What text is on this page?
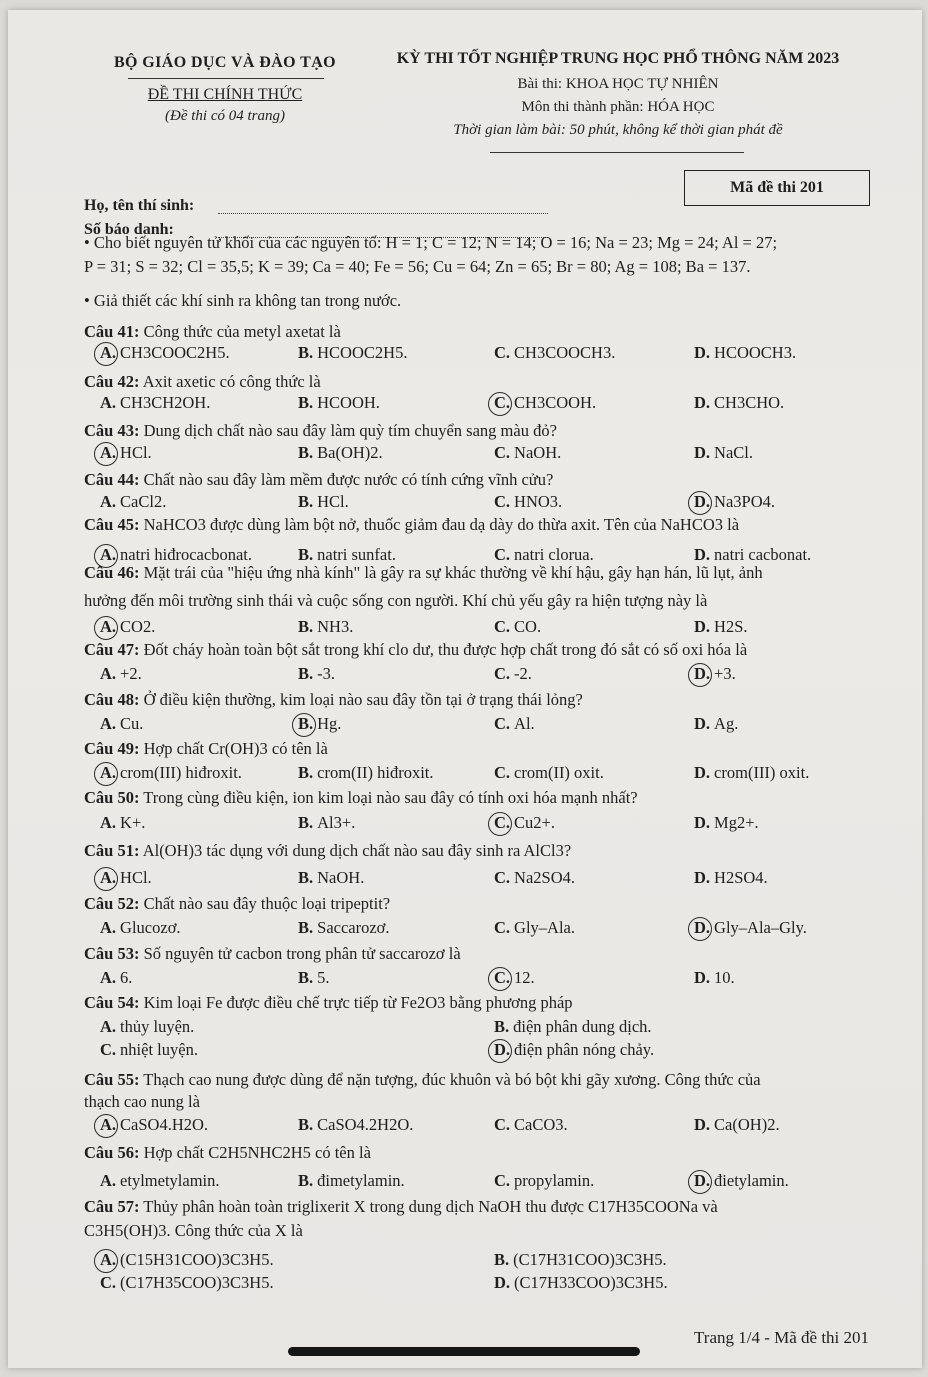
BỘ GIÁO DỤC VÀ ĐÀO TẠO
ĐỀ THI CHÍNH THỨC
(Đề thi có 04 trang)
KỲ THI TỐT NGHIỆP TRUNG HỌC PHỔ THÔNG NĂM 2023
Bài thi: KHOA HỌC TỰ NHIÊN
Môn thi thành phần: HÓA HỌC
Thời gian làm bài: 50 phút, không kể thời gian phát đề
Mã đề thi 201
Họ, tên thí sinh:
Số báo danh:
• Cho biết nguyên tử khối của các nguyên tố: H = 1; C = 12; N = 14; O = 16; Na = 23; Mg = 24; Al = 27;
P = 31; S = 32; Cl = 35,5; K = 39; Ca = 40; Fe = 56; Cu = 64; Zn = 65; Br = 80; Ag = 108; Ba = 137.
• Giả thiết các khí sinh ra không tan trong nước.
Câu 41: Công thức của metyl axetat là
A. CH3COOC2H5.	B. HCOOC2H5.	C. CH3COOCH3.	D. HCOOCH3.
Câu 42: Axit axetic có công thức là
A. CH3CH2OH.	B. HCOOH.	C. CH3COOH.	D. CH3CHO.
Câu 43: Dung dịch chất nào sau đây làm quỳ tím chuyển sang màu đỏ?
A. HCl.	B. Ba(OH)2.	C. NaOH.	D. NaCl.
Câu 44: Chất nào sau đây làm mềm được nước có tính cứng vĩnh cửu?
A. CaCl2.	B. HCl.	C. HNO3.	D. Na3PO4.
Câu 45: NaHCO3 được dùng làm bột nở, thuốc giảm đau dạ dày do thừa axit. Tên của NaHCO3 là
A. natri hiđrocacbonat.	B. natri sunfat.	C. natri clorua.	D. natri cacbonat.
Câu 46: Mặt trái của "hiệu ứng nhà kính" là gây ra sự khác thường về khí hậu, gây hạn hán, lũ lụt, ảnh
hưởng đến môi trường sinh thái và cuộc sống con người. Khí chủ yếu gây ra hiện tượng này là
A. CO2.	B. NH3.	C. CO.	D. H2S.
Câu 47: Đốt cháy hoàn toàn bột sắt trong khí clo dư, thu được hợp chất trong đó sắt có số oxi hóa là
A. +2.	B. -3.	C. -2.	D. +3.
Câu 48: Ở điều kiện thường, kim loại nào sau đây tồn tại ở trạng thái lỏng?
A. Cu.	B. Hg.	C. Al.	D. Ag.
Câu 49: Hợp chất Cr(OH)3 có tên là
A. crom(III) hiđroxit.	B. crom(II) hiđroxit.	C. crom(II) oxit.	D. crom(III) oxit.
Câu 50: Trong cùng điều kiện, ion kim loại nào sau đây có tính oxi hóa mạnh nhất?
A. K+.	B. Al3+.	C. Cu2+.	D. Mg2+.
Câu 51: Al(OH)3 tác dụng với dung dịch chất nào sau đây sinh ra AlCl3?
A. HCl.	B. NaOH.	C. Na2SO4.	D. H2SO4.
Câu 52: Chất nào sau đây thuộc loại tripeptit?
A. Glucozơ.	B. Saccarozơ.	C. Gly–Ala.	D. Gly–Ala–Gly.
Câu 53: Số nguyên tử cacbon trong phân tử saccarozơ là
A. 6.	B. 5.	C. 12.	D. 10.
Câu 54: Kim loại Fe được điều chế trực tiếp từ Fe2O3 bằng phương pháp
A. thủy luyện.	B. điện phân dung dịch.
C. nhiệt luyện.	D. điện phân nóng chảy.
Câu 55: Thạch cao nung được dùng để nặn tượng, đúc khuôn và bó bột khi gãy xương. Công thức của
thạch cao nung là
A. CaSO4.H2O.	B. CaSO4.2H2O.	C. CaCO3.	D. Ca(OH)2.
Câu 56: Hợp chất C2H5NHC2H5 có tên là
A. etylmetylamin.	B. đimetylamin.	C. propylamin.	D. đietylamin.
Câu 57: Thủy phân hoàn toàn triglixerit X trong dung dịch NaOH thu được C17H35COONa và
C3H5(OH)3. Công thức của X là
A. (C15H31COO)3C3H5.	B. (C17H31COO)3C3H5.
C. (C17H35COO)3C3H5.	D. (C17H33COO)3C3H5.
Trang 1/4 - Mã đề thi 201
